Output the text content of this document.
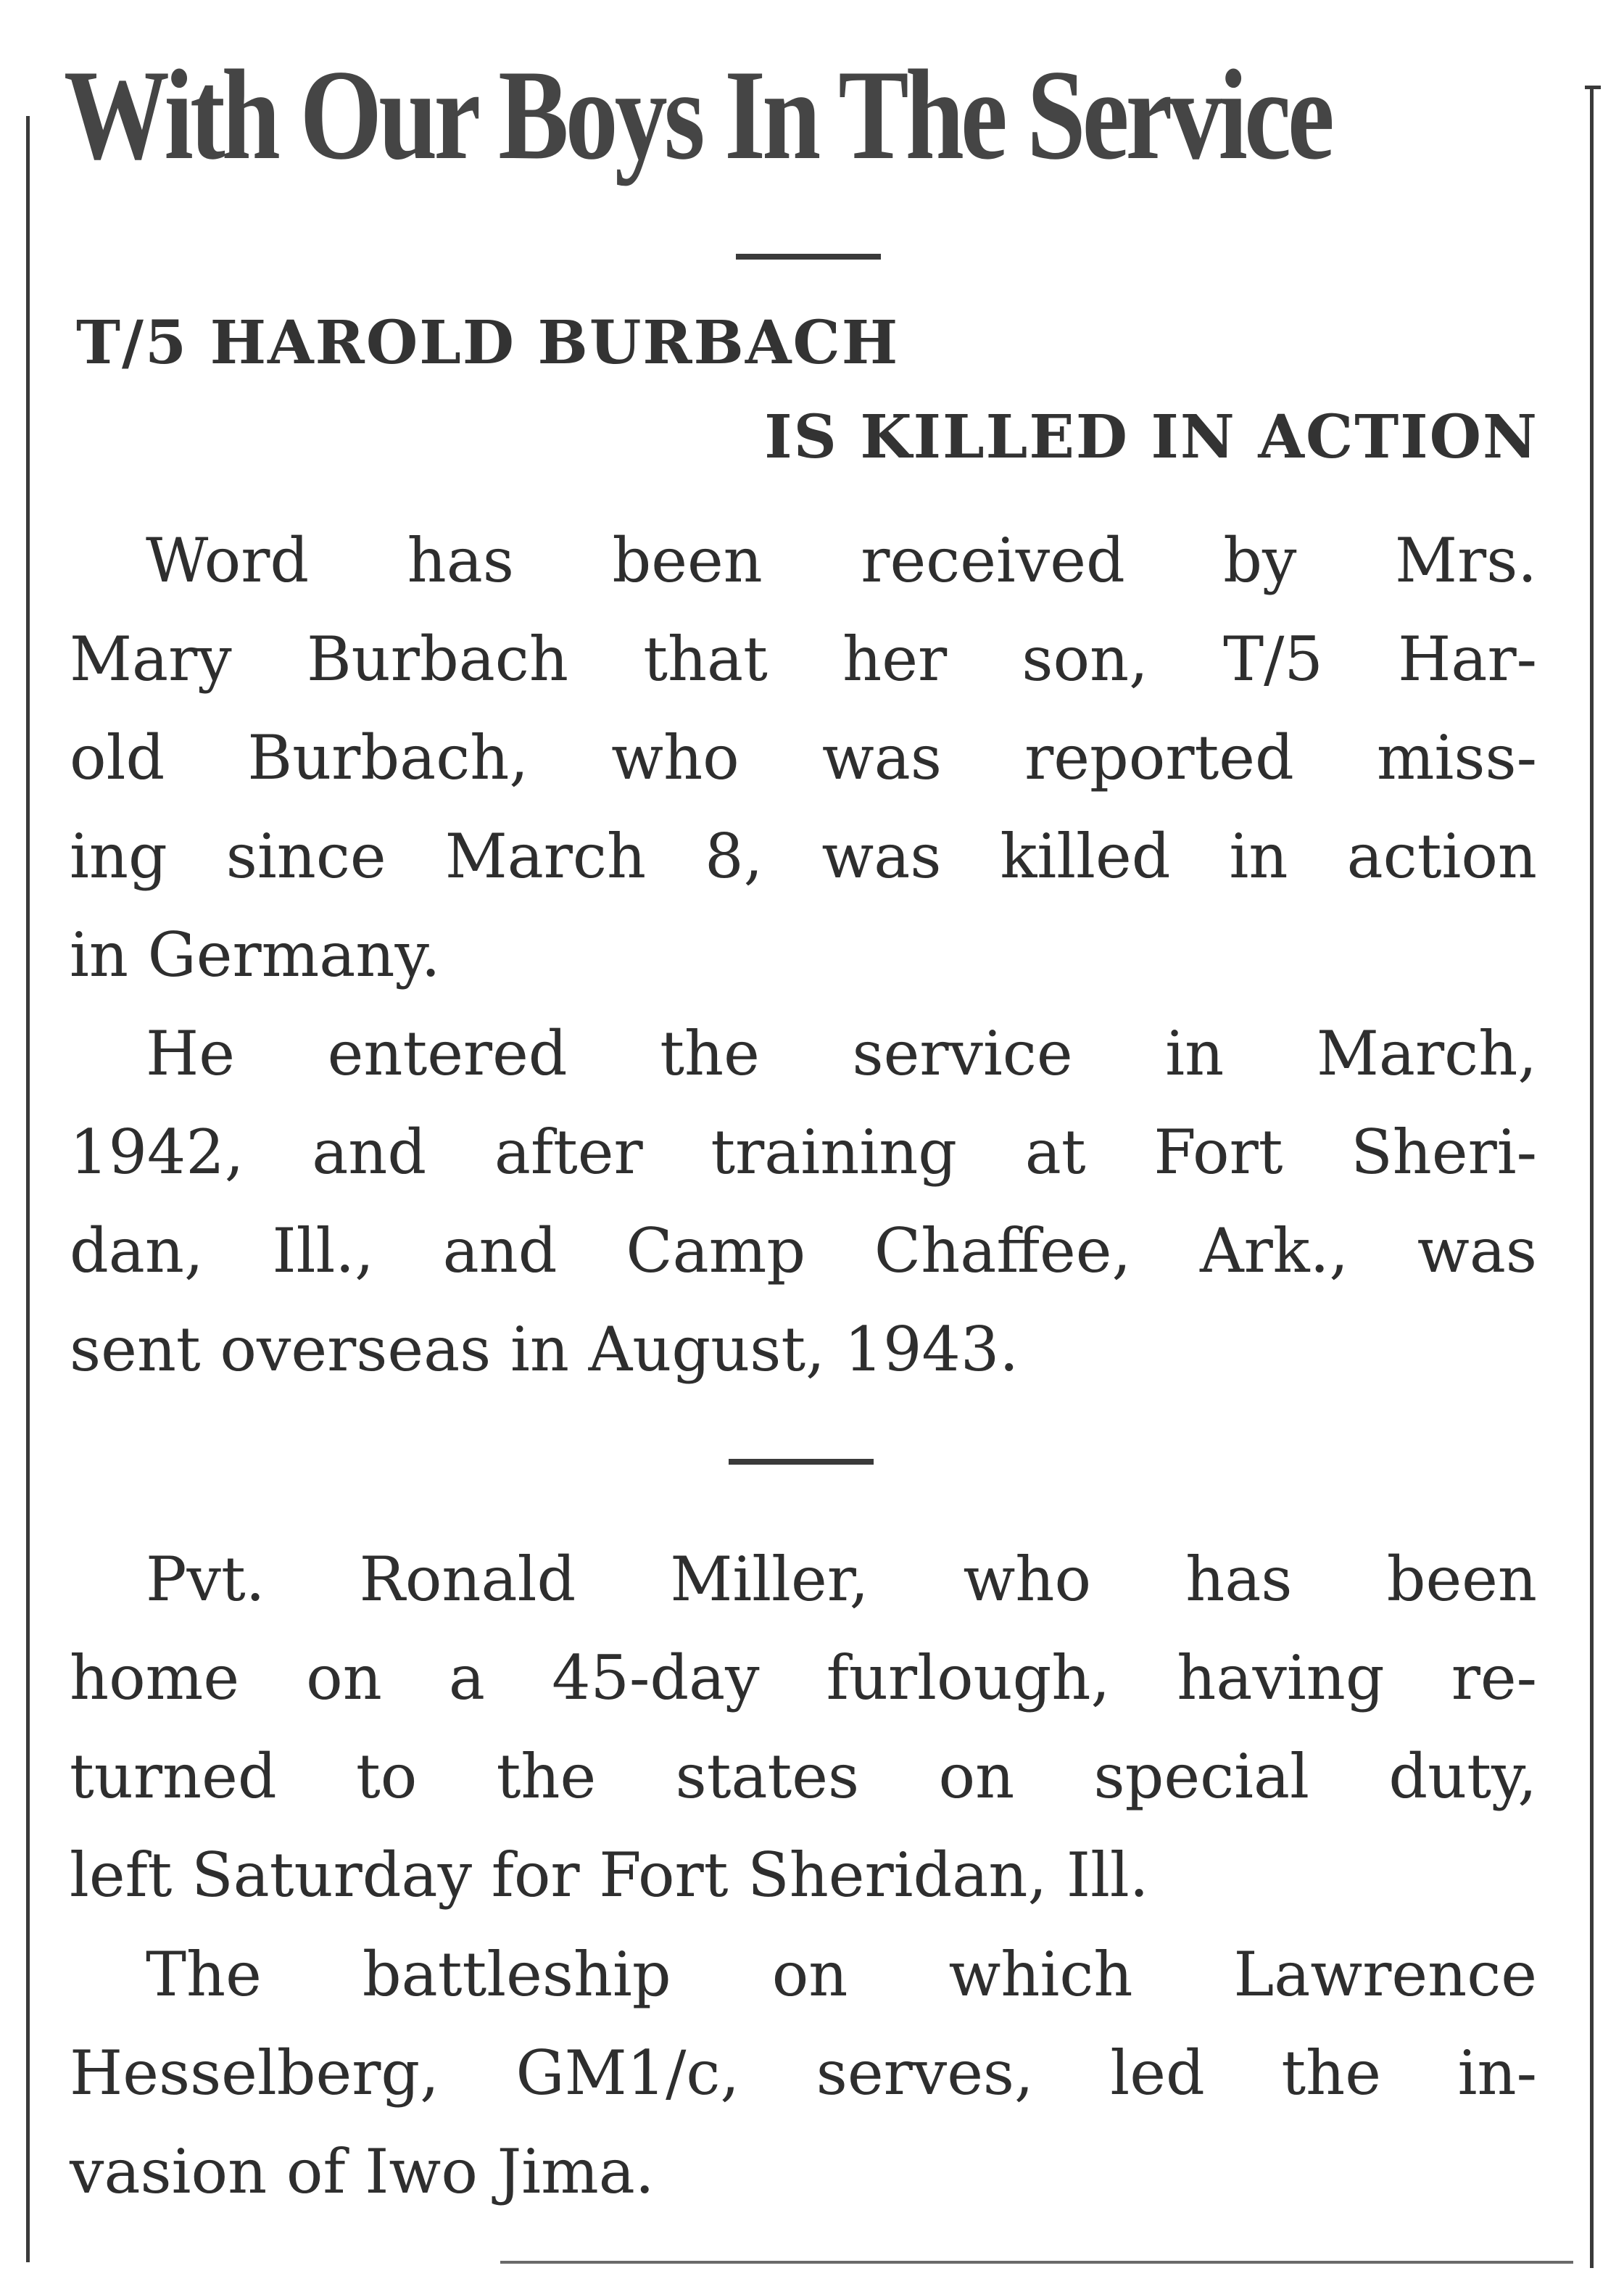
With Our Boys In The Service
T/5 HAROLD BURBACH
IS KILLED IN ACTION
Word has been received by Mrs.
Mary Burbach that her son, T/5 Har-
old Burbach, who was reported miss-
ing since March 8, was killed in action
in Germany.
He entered the service in March,
1942, and after training at Fort Sheri-
dan, Ill., and Camp Chaffee, Ark., was
sent overseas in August, 1943.
Pvt. Ronald Miller, who has been
home on a 45-day furlough, having re-
turned to the states on special duty,
left Saturday for Fort Sheridan, Ill.
The battleship on which Lawrence
Hesselberg, GM1/c, serves, led the in-
vasion of Iwo Jima.
